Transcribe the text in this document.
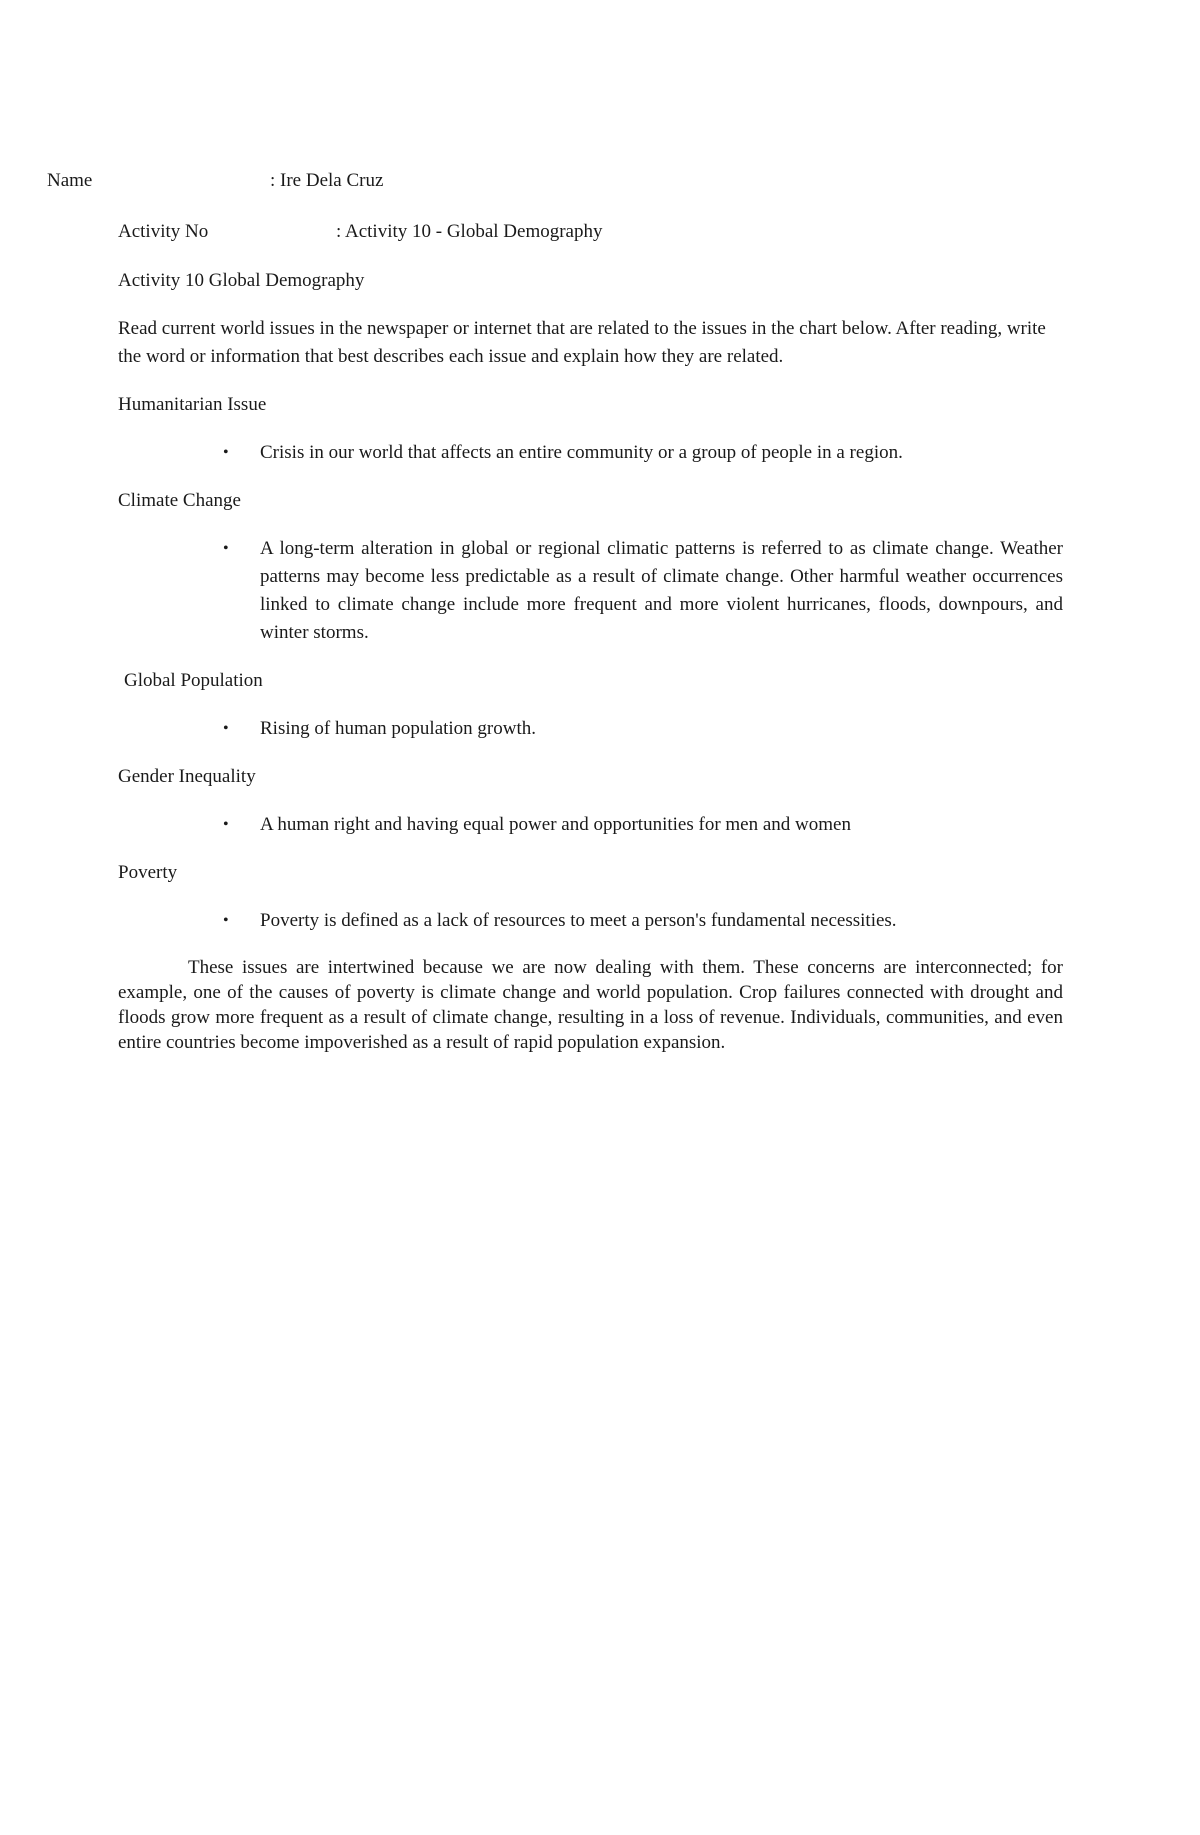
Name	: Ire Dela Cruz
Activity No	: Activity 10 - Global Demography

Activity 10 Global Demography

Read current world issues in the newspaper or internet that are related to the issues in the chart below. After reading, write the word or information that best describes each issue and explain how they are related.

Humanitarian Issue
• Crisis in our world that affects an entire community or a group of people in a region.
Climate Change
• A long-term alteration in global or regional climatic patterns is referred to as climate change. Weather patterns may become less predictable as a result of climate change. Other harmful weather occurrences linked to climate change include more frequent and more violent hurricanes, floods, downpours, and winter storms.
Global Population
• Rising of human population growth.
Gender Inequality
• A human right and having equal power and opportunities for men and women
Poverty
• Poverty is defined as a lack of resources to meet a person's fundamental necessities.

These issues are intertwined because we are now dealing with them. These concerns are interconnected; for example, one of the causes of poverty is climate change and world population. Crop failures connected with drought and floods grow more frequent as a result of climate change, resulting in a loss of revenue. Individuals, communities, and even entire countries become impoverished as a result of rapid population expansion.
